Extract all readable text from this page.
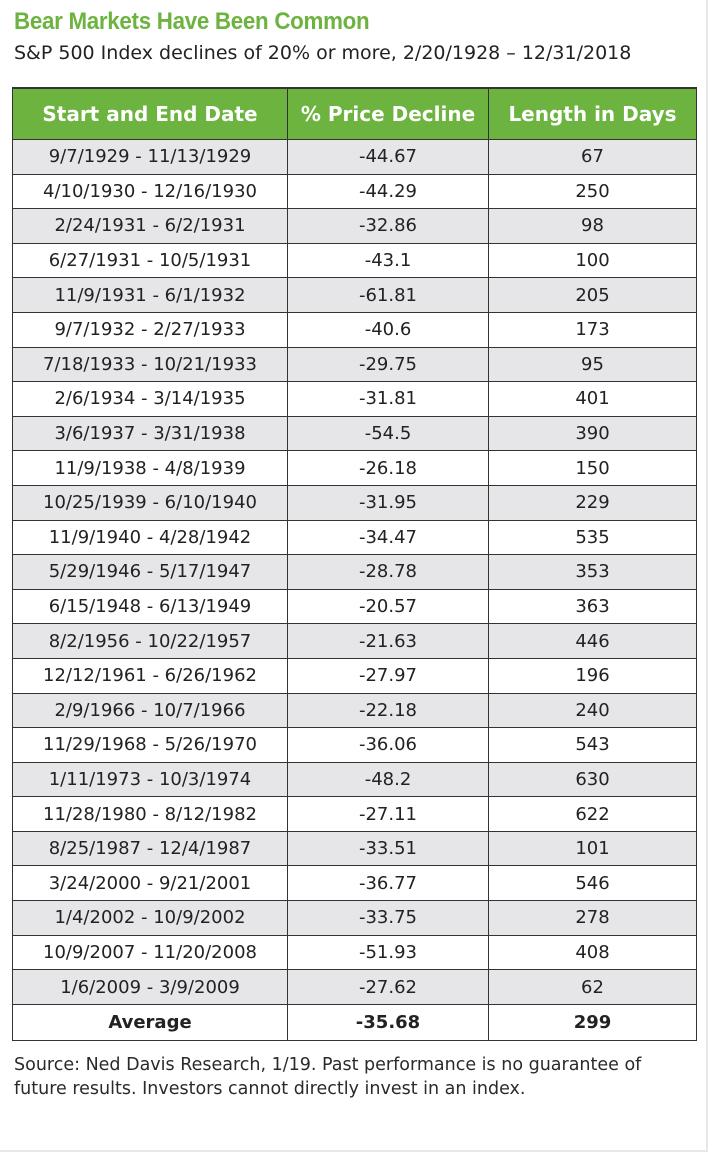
Bear Markets Have Been Common
S&P 500 Index declines of 20% or more, 2/20/1928 – 12/31/2018
Start and End Date	% Price Decline	Length in Days
9/7/1929 - 11/13/1929	-44.67	67
4/10/1930 - 12/16/1930	-44.29	250
2/24/1931 - 6/2/1931	-32.86	98
6/27/1931 - 10/5/1931	-43.1	100
11/9/1931 - 6/1/1932	-61.81	205
9/7/1932 - 2/27/1933	-40.6	173
7/18/1933 - 10/21/1933	-29.75	95
2/6/1934 - 3/14/1935	-31.81	401
3/6/1937 - 3/31/1938	-54.5	390
11/9/1938 - 4/8/1939	-26.18	150
10/25/1939 - 6/10/1940	-31.95	229
11/9/1940 - 4/28/1942	-34.47	535
5/29/1946 - 5/17/1947	-28.78	353
6/15/1948 - 6/13/1949	-20.57	363
8/2/1956 - 10/22/1957	-21.63	446
12/12/1961 - 6/26/1962	-27.97	196
2/9/1966 - 10/7/1966	-22.18	240
11/29/1968 - 5/26/1970	-36.06	543
1/11/1973 - 10/3/1974	-48.2	630
11/28/1980 - 8/12/1982	-27.11	622
8/25/1987 - 12/4/1987	-33.51	101
3/24/2000 - 9/21/2001	-36.77	546
1/4/2002 - 10/9/2002	-33.75	278
10/9/2007 - 11/20/2008	-51.93	408
1/6/2009 - 3/9/2009	-27.62	62
Average	-35.68	299
Source: Ned Davis Research, 1/19. Past performance is no guarantee of future results. Investors cannot directly invest in an index.
